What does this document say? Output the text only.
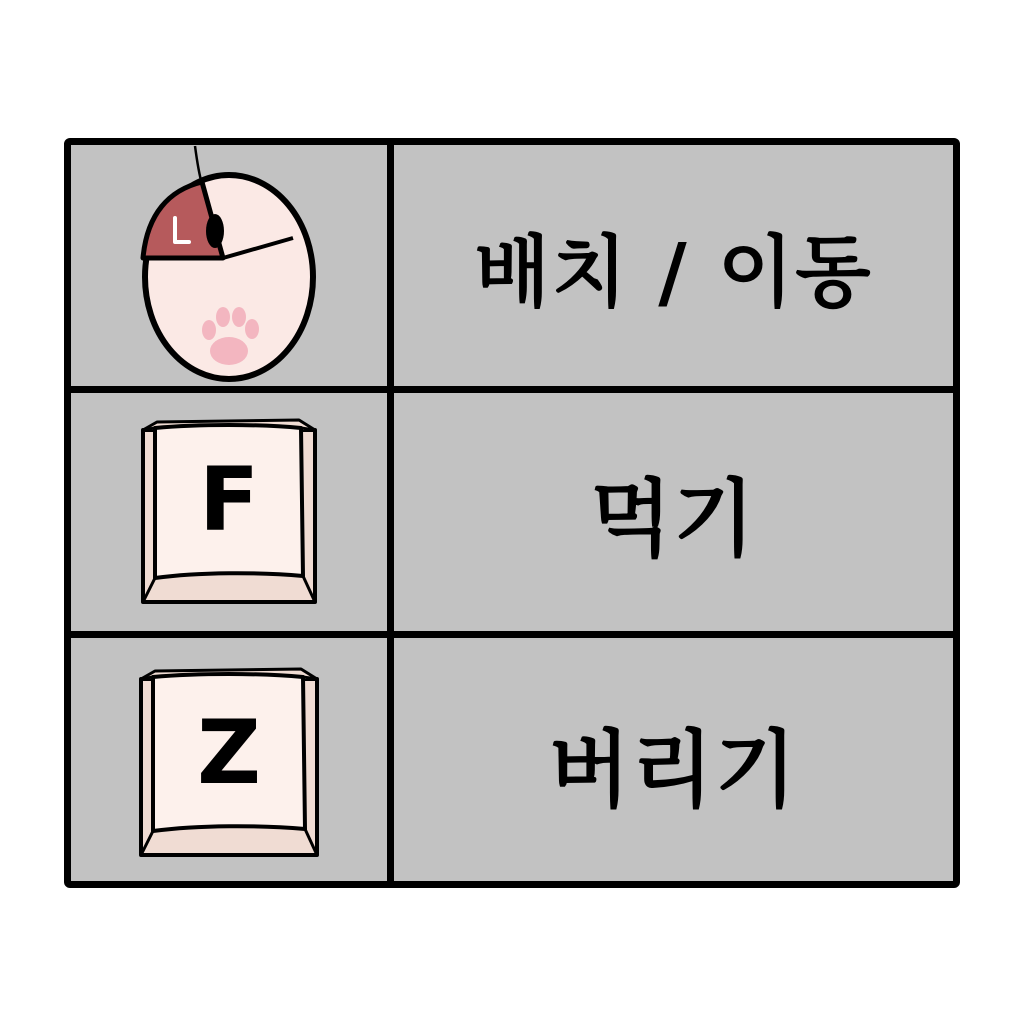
배치 / 이동
F	먹기
Z	버리기
